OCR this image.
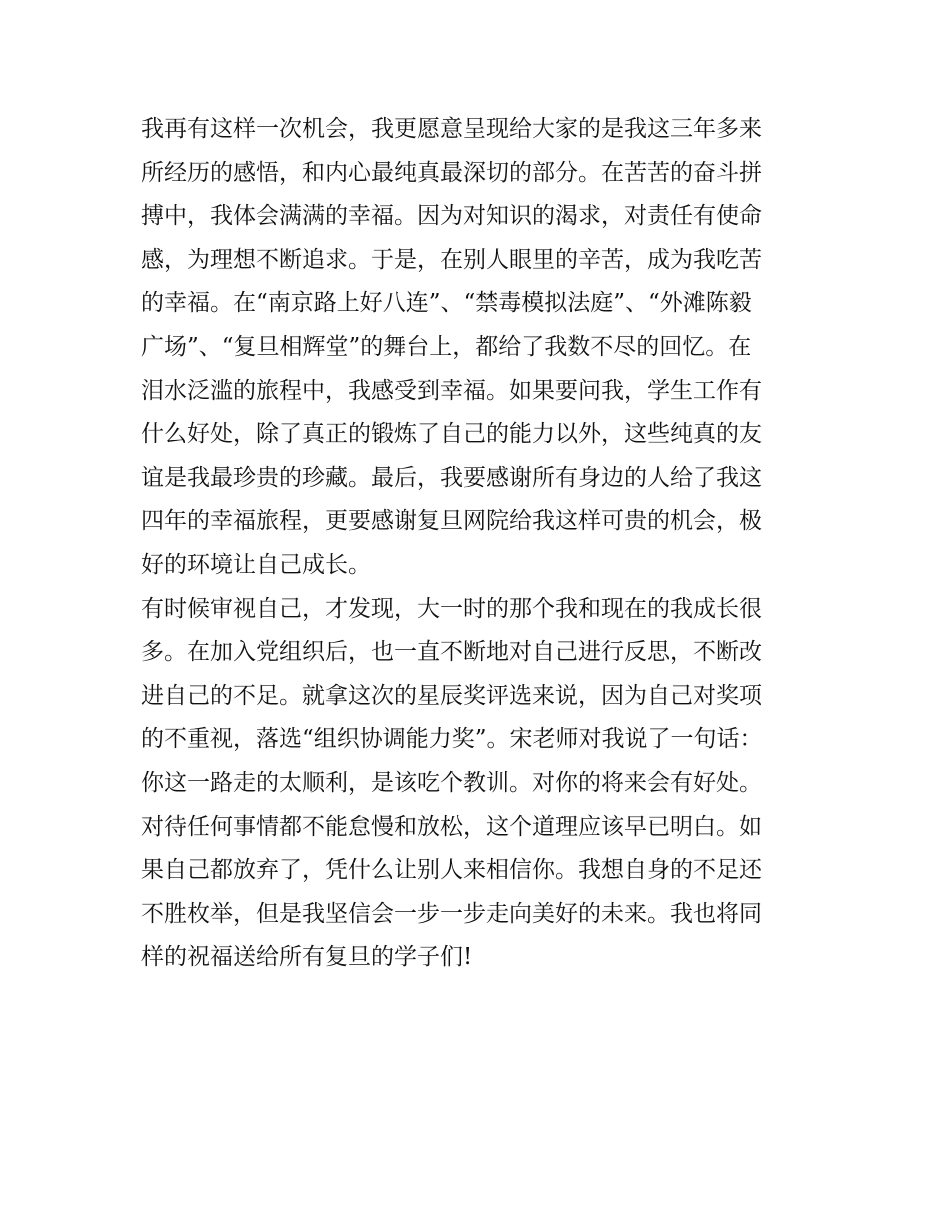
我再有这样一次机会，我更愿意呈现给大家的是我这三年多来
所经历的感悟，和内心最纯真最深切的部分。在苦苦的奋斗拼
搏中，我体会满满的幸福。因为对知识的渴求，对责任有使命
感，为理想不断追求。于是，在别人眼里的辛苦，成为我吃苦
的幸福。在“南京路上好八连”、“禁毒模拟法庭”、“外滩陈毅
广场”、“复旦相辉堂”的舞台上，都给了我数不尽的回忆。在
泪水泛滥的旅程中，我感受到幸福。如果要问我，学生工作有
什么好处，除了真正的锻炼了自己的能力以外，这些纯真的友
谊是我最珍贵的珍藏。最后，我要感谢所有身边的人给了我这
四年的幸福旅程，更要感谢复旦网院给我这样可贵的机会，极
好的环境让自己成长。
有时候审视自己，才发现，大一时的那个我和现在的我成长很
多。在加入党组织后，也一直不断地对自己进行反思，不断改
进自己的不足。就拿这次的星辰奖评选来说，因为自己对奖项
的不重视，落选“组织协调能力奖”。宋老师对我说了一句话：
你这一路走的太顺利，是该吃个教训。对你的将来会有好处。
对待任何事情都不能怠慢和放松，这个道理应该早已明白。如
果自己都放弃了，凭什么让别人来相信你。我想自身的不足还
不胜枚举，但是我坚信会一步一步走向美好的未来。我也将同
样的祝福送给所有复旦的学子们!
